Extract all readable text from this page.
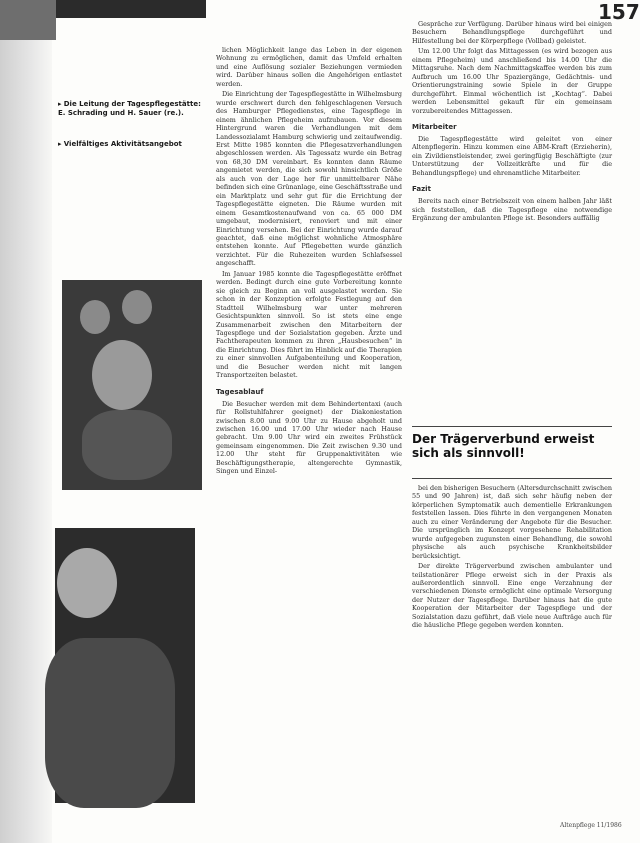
157
▸ Die Leitung der Tagespflegestätte: E. Schrading und H. Sauer (re.).
▸ Vielfältiges Aktivitätsangebot

lichen Möglichkeit lange das Leben in der eigenen Wohnung zu ermöglichen, damit das Umfeld erhalten und eine Auflösung sozialer Beziehungen vermieden wird. Darüber hinaus sollen die Angehörigen entlastet werden.

Die Einrichtung der Tagespflegestätte in Wilhelmsburg wurde erschwert durch den fehlgeschlagenen Versuch des Hamburger Pflegedienstes, eine Tagespflege in einem ähnlichen Pflegeheim aufzubauen. Vor diesem Hintergrund waren die Verhandlungen mit dem Landessozialamt Hamburg schwierig und zeitaufwendig. Erst Mitte 1985 konnten die Pflegesatzverhandlungen abgeschlossen werden. Als Tagessatz wurde ein Betrag von 68,30 DM vereinbart. Es konnten dann Räume angemietet werden, die sich sowohl hinsichtlich Größe als auch von der Lage her für unmittelbarer Nähe befinden sich eine Grünanlage, eine Geschäftsstraße und ein Marktplatz und sehr gut für die Errichtung der Tagespflegestätte eigneten. Die Räume wurden mit einem Gesamtkostenaufwand von ca. 65 000 DM umgebaut, modernisiert, renoviert und mit einer Einrichtung versehen. Bei der Einrichtung wurde darauf geachtet, daß eine möglichst wohnliche Atmosphäre entstehen konnte. Auf Pflegebetten wurde gänzlich verzichtet. Für die Ruhezeiten wurden Schlafsessel angeschafft.

Im Januar 1985 konnte die Tagespflegestätte eröffnet werden. Bedingt durch eine gute Vorbereitung konnte sie gleich zu Beginn an voll ausgelastet werden. Sie schon in der Konzeption erfolgte Festlegung auf den Stadtteil Wilhelmsburg war unter mehreren Gesichtspunkten sinnvoll. So ist stets eine enge Zusammenarbeit zwischen den Mitarbeitern der Tagespflege und der Sozialstation gegeben. Ärzte und Fachtherapeuten kommen zu ihren „Hausbesuchen“ in die Einrichtung. Dies führt im Hinblick auf die Therapien zu einer sinnvollen Aufgabenteilung und Kooperation, und die Besucher werden nicht mit langen Transportzeiten belastet.

Tagesablauf

Die Besucher werden mit dem Behindertentaxi (auch für Rollstuhlfahrer geeignet) der Diakoniestation zwischen 8.00 und 9.00 Uhr zu Hause abgeholt und zwischen 16.00 und 17.00 Uhr wieder nach Hause gebracht. Um 9.00 Uhr wird ein zweites Frühstück gemeinsam eingenommen. Die Zeit zwischen 9.30 und 12.00 Uhr steht für Gruppenaktivitäten wie Beschäftigungstherapie, altengerechte Gymnastik, Singen und Einzel-

Gespräche zur Verfügung. Darüber hinaus wird bei einigen Besuchern Behandlungspflege durchgeführt und Hilfestellung bei der Körperpflege (Vollbad) geleistet.

Um 12.00 Uhr folgt das Mittagessen (es wird bezogen aus einem Pflegeheim) und anschließend bis 14.00 Uhr die Mittagsruhe. Nach dem Nachmittagskaffee werden bis zum Aufbruch um 16.00 Uhr Spaziergänge, Gedächtnis- und Orientierungstraining sowie Spiele in der Gruppe durchgeführt. Einmal wöchentlich ist „Kochtag“. Dabei werden Lebensmittel gekauft für ein gemeinsam vorzubereitendes Mittagessen.

Mitarbeiter

Die Tagespflegestätte wird geleitet von einer Altenpflegerin. Hinzu kommen eine ABM-Kraft (Erzieherin), ein Zivildienstleistender, zwei geringfügig Beschäftigte (zur Unterstützung der Vollzeitkräfte und für die Behandlungspflege) und ehrenamtliche Mitarbeiter.

Fazit

Bereits nach einer Betriebszeit von einem halben Jahr läßt sich feststellen, daß die Tagespflege eine notwendige Ergänzung der ambulanten Pflege ist. Besonders auffällig

Der Trägerverbund erweist sich als sinnvoll!

bei den bisherigen Besuchern (Altersdurchschnitt zwischen 55 und 90 Jahren) ist, daß sich sehr häufig neben der körperlichen Symptomatik auch dementielle Erkrankungen feststellen lassen. Dies führte in den vergangenen Monaten auch zu einer Veränderung der Angebote für die Besucher. Die ursprünglich im Konzept vorgesehene Rehabilitation wurde aufgegeben zugunsten einer Behandlung, die sowohl physische als auch psychische Krankheitsbilder berücksichtigt.

Der direkte Trägerverbund zwischen ambulanter und teilstationärer Pflege erweist sich in der Praxis als außerordentlich sinnvoll. Eine enge Verzahnung der verschiedenen Dienste ermöglicht eine optimale Versorgung der Nutzer der Tagespflege. Darüber hinaus hat die gute Kooperation der Mitarbeiter der Tagespflege und der Sozialstation dazu geführt, daß viele neue Aufträge auch für die häusliche Pflege gegeben werden konnten.

Altenpflege 11/1986
